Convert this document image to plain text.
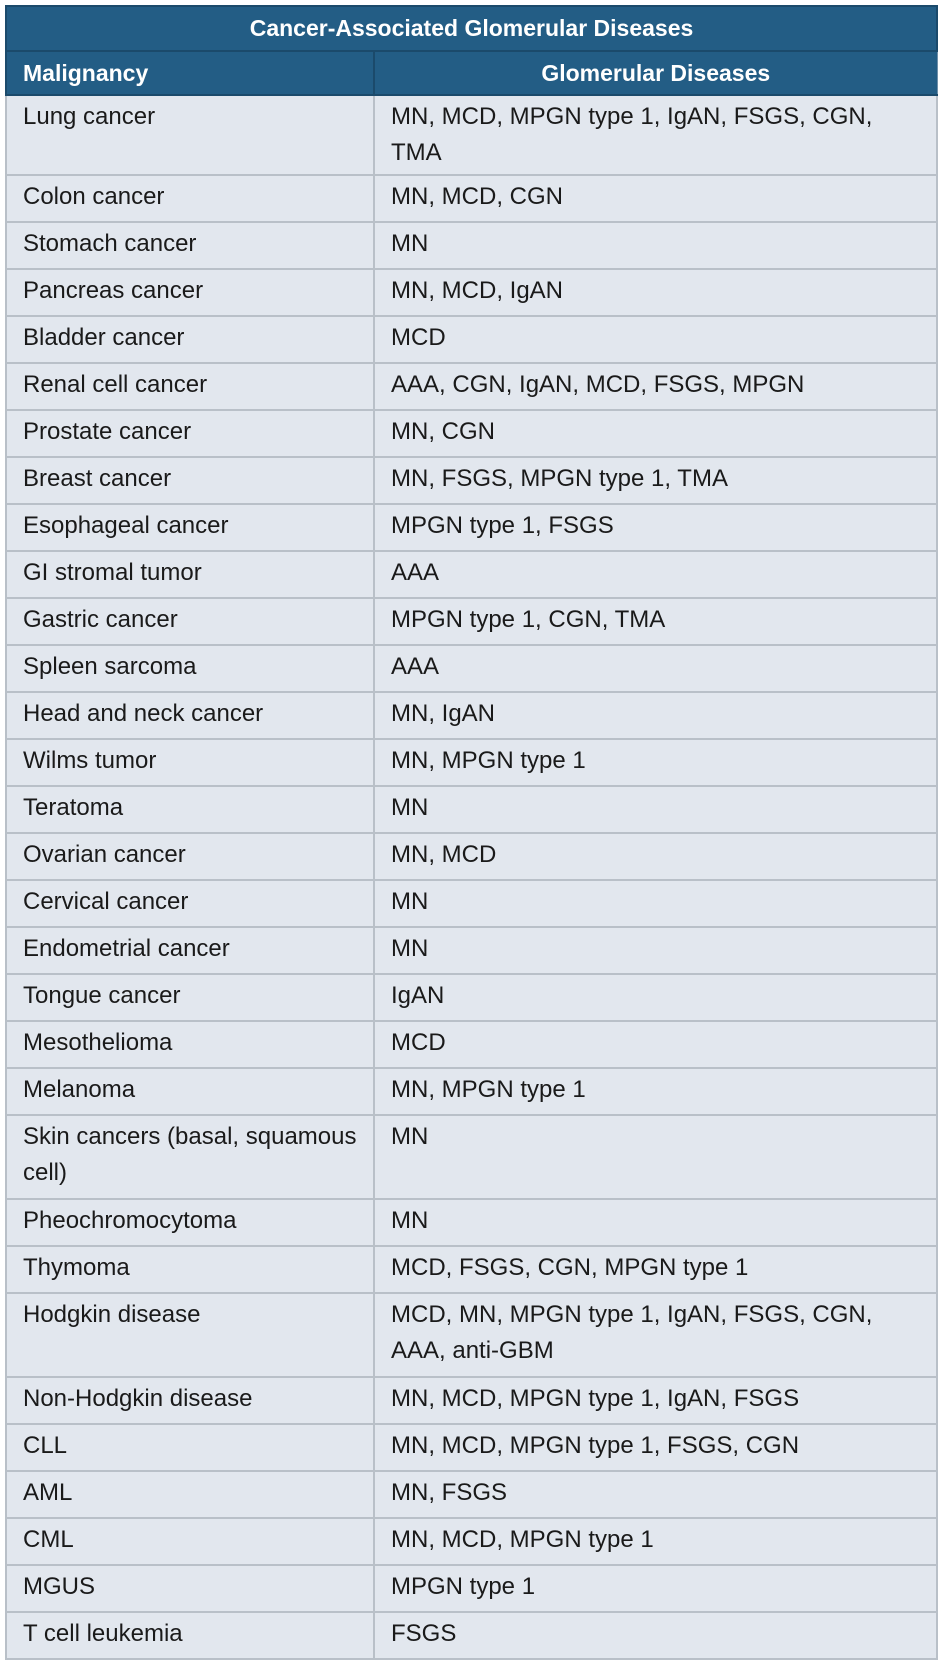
Cancer-Associated Glomerular Diseases	
Malignancy	Glomerular Diseases
Lung cancer	MN, MCD, MPGN type 1, IgAN, FSGS, CGN, TMA
Colon cancer	MN, MCD, CGN
Stomach cancer	MN
Pancreas cancer	MN, MCD, IgAN
Bladder cancer	MCD
Renal cell cancer	AAA, CGN, IgAN, MCD, FSGS, MPGN
Prostate cancer	MN, CGN
Breast cancer	MN, FSGS, MPGN type 1, TMA
Esophageal cancer	MPGN type 1, FSGS
GI stromal tumor	AAA
Gastric cancer	MPGN type 1, CGN, TMA
Spleen sarcoma	AAA
Head and neck cancer	MN, IgAN
Wilms tumor	MN, MPGN type 1
Teratoma	MN
Ovarian cancer	MN, MCD
Cervical cancer	MN
Endometrial cancer	MN
Tongue cancer	IgAN
Mesothelioma	MCD
Melanoma	MN, MPGN type 1
Skin cancers (basal, squamous cell)	MN
Pheochromocytoma	MN
Thymoma	MCD, FSGS, CGN, MPGN type 1
Hodgkin disease	MCD, MN, MPGN type 1, IgAN, FSGS, CGN, AAA, anti-GBM
Non-Hodgkin disease	MN, MCD, MPGN type 1, IgAN, FSGS
CLL	MN, MCD, MPGN type 1, FSGS, CGN
AML	MN, FSGS
CML	MN, MCD, MPGN type 1
MGUS	MPGN type 1
T cell leukemia	FSGS
